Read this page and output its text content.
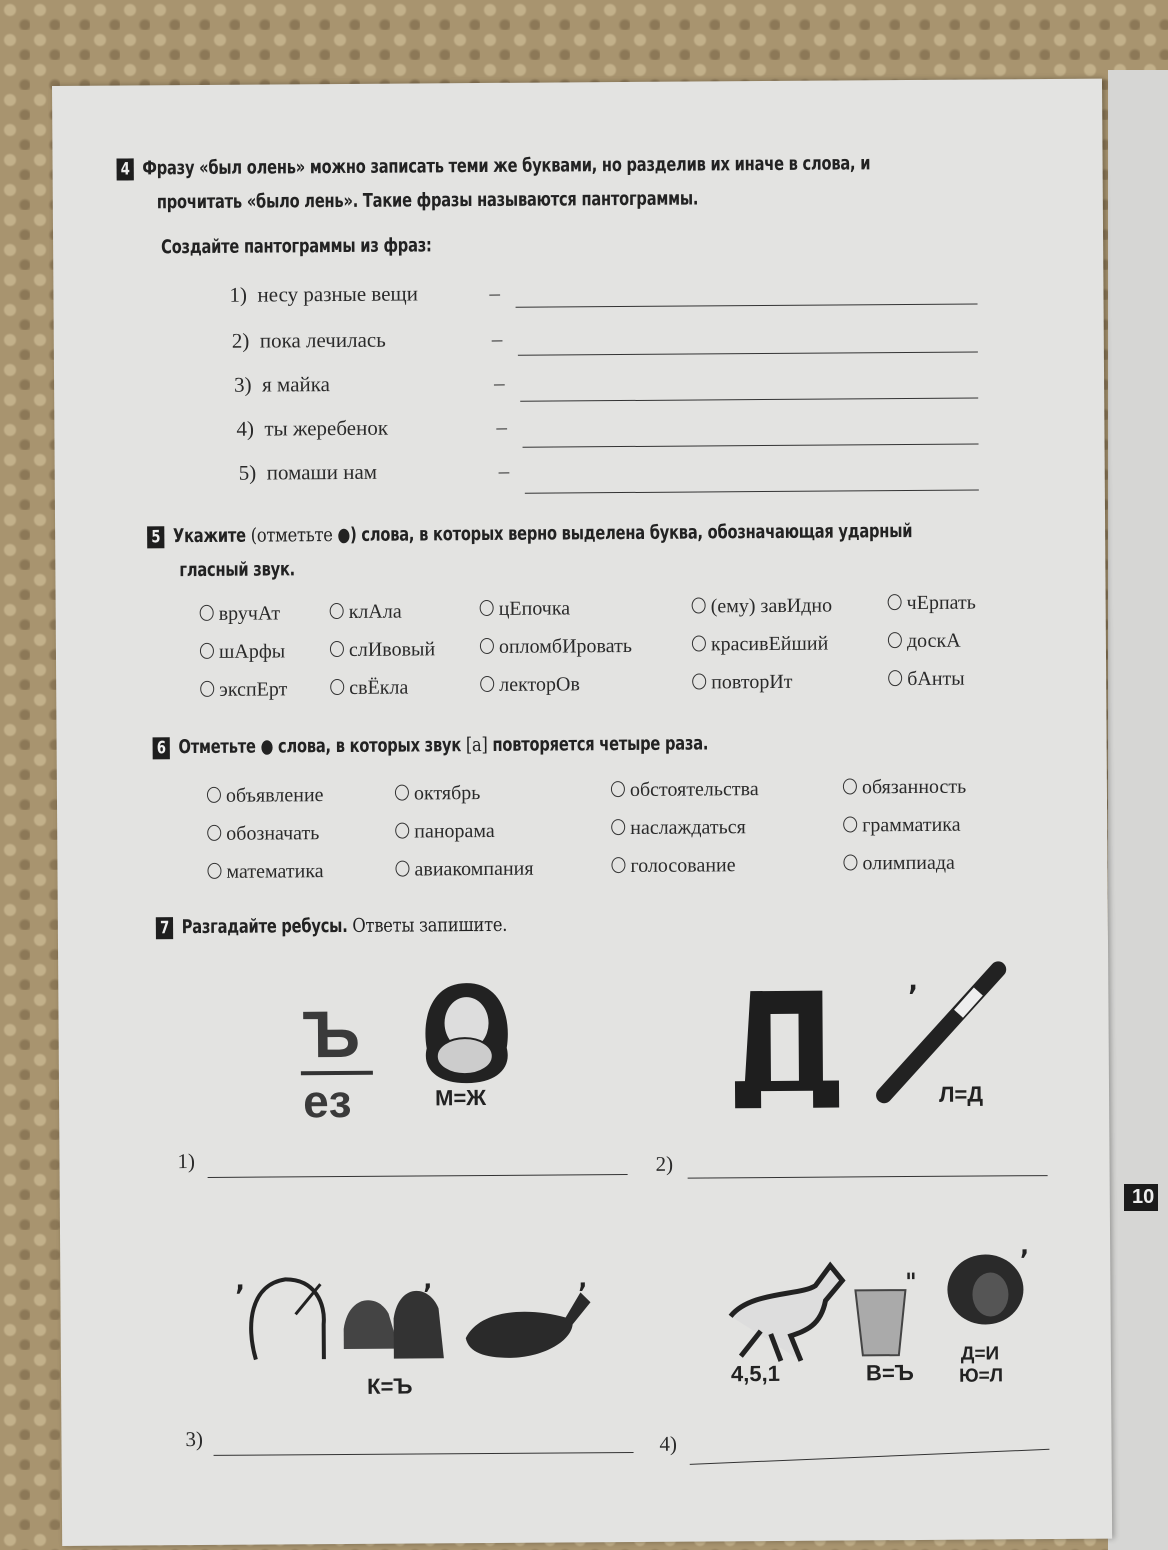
10
4 Фразу «был олень» можно записать теми же буквами, но разделив их иначе в слова, и
прочитать «было лень». Такие фразы называются пантограммы.
Создайте пантограммы из фраз:
1) несу разные вещи	–
2) пока лечилась	–
3) я майка	–
4) ты жеребенок	–
5) помаши нам	–
5 Укажите (отметьте ●) слова, в которых верно выделена буква, обозначающая ударный
гласный звук.
вручАт	клАла	цЕпочка	(ему) завИдно	чЕрпать
шАрфы	слИвовый	опломбИровать	красивЕйший	доскА
экспЕрт	свЁкла	лекторОв	повторИт	бАнты
6 Отметьте ● слова, в которых звук [а] повторяется четыре раза.
объявление	октябрь	обстоятельства	обязанность
обозначать	панорама	наслаждаться	грамматика
математика	авиакомпания	голосование	олимпиада
7 Разгадайте ребусы. Ответы запишите.
Ъ
ез	М=Ж
1)
,
Л=Д
2)
,	,	,
К=Ъ
3)
"
,
4,5,1	В=Ъ
Д=И
Ю=Л
4)
